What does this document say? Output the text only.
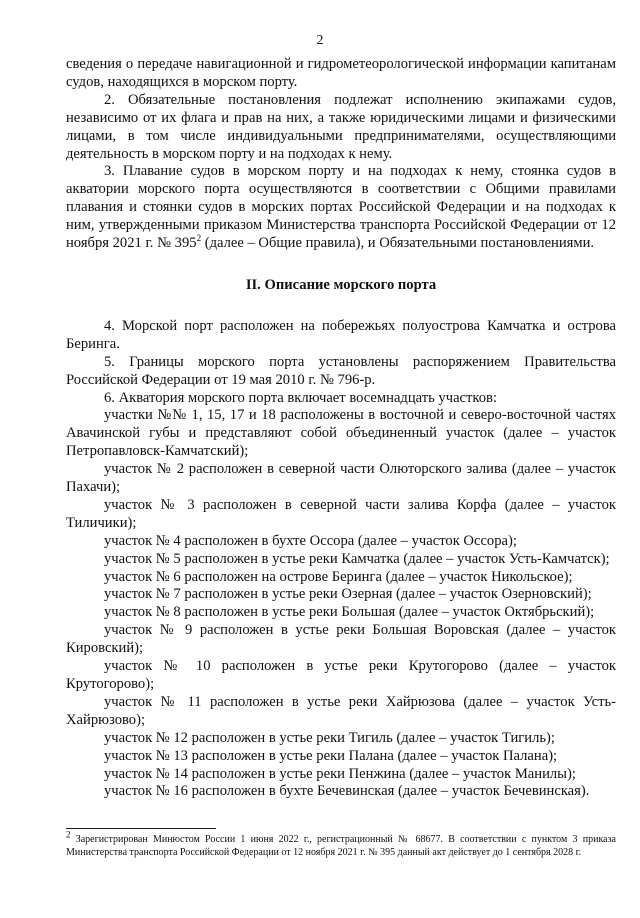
2

сведения о передаче навигационной и гидрометеорологической информации капитанам судов, находящихся в морском порту.

2. Обязательные постановления подлежат исполнению экипажами судов, независимо от их флага и прав на них, а также юридическими лицами и физическими лицами, в том числе индивидуальными предпринимателями, осуществляющими деятельность в морском порту и на подходах к нему.

3. Плавание судов в морском порту и на подходах к нему, стоянка судов в акватории морского порта осуществляются в соответствии с Общими правилами плавания и стоянки судов в морских портах Российской Федерации и на подходах к ним, утвержденными приказом Министерства транспорта Российской Федерации от 12 ноября 2021 г. № $395^2$ (далее – Общие правила), и Обязательными постановлениями.

II. Описание морского порта

4. Морской порт расположен на побережьях полуострова Камчатка и острова Беринга.

5. Границы морского порта установлены распоряжением Правительства Российской Федерации от 19 мая 2010 г. № 796-р.

6. Акватория морского порта включает восемнадцать участков:

участки №№ 1, 15, 17 и 18 расположены в восточной и северо-восточной частях Авачинской губы и представляют собой объединенный участок (далее – участок Петропавловск-Камчатский);

участок № 2 расположен в северной части Олюторского залива (далее – участок Пахачи);

участок № 3 расположен в северной части залива Корфа (далее – участок Тиличики);

участок № 4 расположен в бухте Оссора (далее – участок Оссора);

участок № 5 расположен в устье реки Камчатка (далее – участок Усть-Камчатск);

участок № 6 расположен на острове Беринга (далее – участок Никольское);

участок № 7 расположен в устье реки Озерная (далее – участок Озерновский);

участок № 8 расположен в устье реки Большая (далее – участок Октябрьский);

участок № 9 расположен в устье реки Большая Воровская (далее – участок Кировский);

участок № 10 расположен в устье реки Крутогорово (далее – участок Крутогорово);

участок № 11 расположен в устье реки Хайрюзова (далее – участок Усть-Хайрюзово);

участок № 12 расположен в устье реки Тигиль (далее – участок Тигиль);

участок № 13 расположен в устье реки Палана (далее – участок Палана);

участок № 14 расположен в устье реки Пенжина (далее – участок Манилы);

участок № 16 расположен в бухте Бечевинская (далее – участок Бечевинская).

$^2$ Зарегистрирован Минюстом России 1 июня 2022 г., регистрационный № 68677. В соответствии с пунктом 3 приказа Министерства транспорта Российской Федерации от 12 ноября 2021 г. № 395 данный акт действует до 1 сентября 2028 г.
